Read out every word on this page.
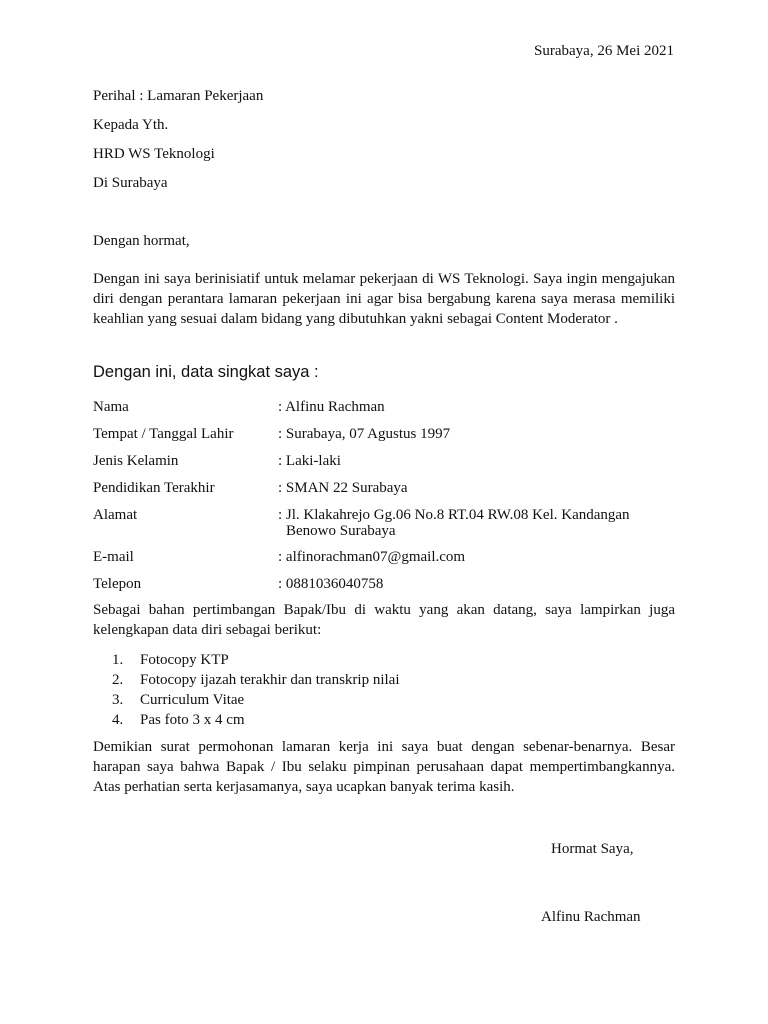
Surabaya, 26 Mei 2021
Perihal : Lamaran Pekerjaan
Kepada Yth.
HRD WS Teknologi
Di Surabaya
Dengan hormat,
Dengan ini saya berinisiatif untuk melamar pekerjaan di WS Teknologi. Saya ingin mengajukan diri dengan perantara lamaran pekerjaan ini agar bisa bergabung karena saya merasa memiliki keahlian yang sesuai dalam bidang yang dibutuhkan yakni sebagai Content Moderator .
Dengan ini, data singkat saya :
Nama	: Alfinu Rachman
Tempat / Tanggal Lahir	: Surabaya, 07 Agustus 1997
Jenis Kelamin	: Laki-laki
Pendidikan Terakhir	: SMAN 22 Surabaya
Alamat	: Jl. Klakahrejo Gg.06 No.8 RT.04 RW.08 Kel. Kandangan
Benowo Surabaya
E-mail	: alfinorachman07@gmail.com
Telepon	: 0881036040758
Sebagai bahan pertimbangan Bapak/Ibu di waktu yang akan datang, saya lampirkan juga kelengkapan data diri sebagai berikut:
1.	Fotocopy KTP
2.	Fotocopy ijazah terakhir dan transkrip nilai
3.	Curriculum Vitae
4.	Pas foto 3 x 4 cm
Demikian surat permohonan lamaran kerja ini saya buat dengan sebenar-benarnya. Besar harapan saya bahwa Bapak / Ibu selaku pimpinan perusahaan dapat mempertimbangkannya. Atas perhatian serta kerjasamanya, saya ucapkan banyak terima kasih.
Hormat Saya,
Alfinu Rachman
